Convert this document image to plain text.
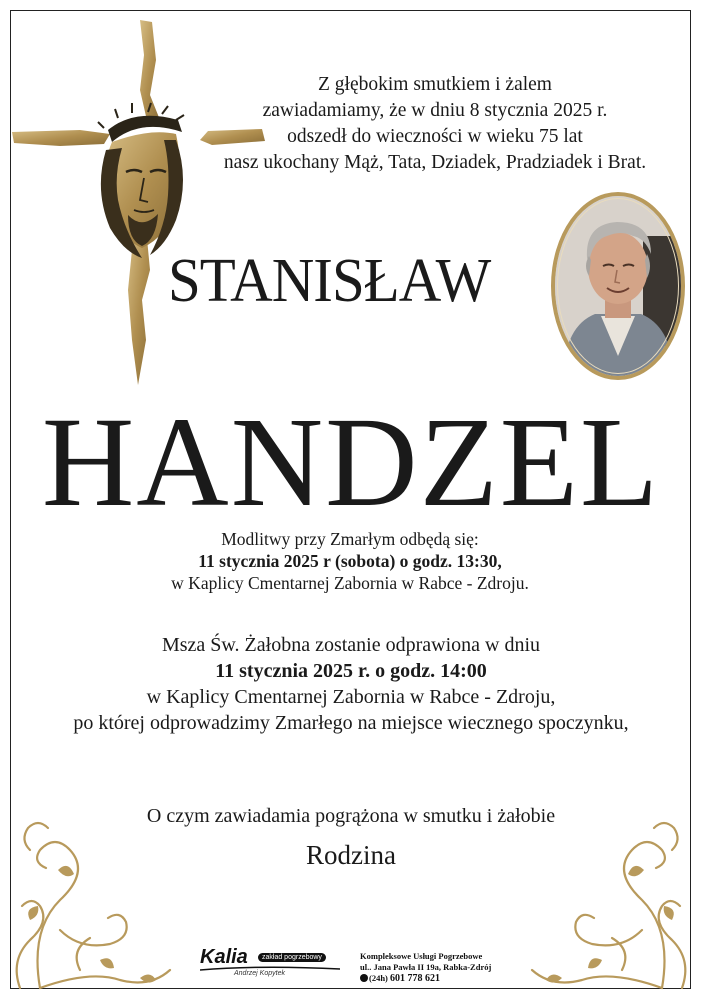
Z głębokim smutkiem i żalem
zawiadamiamy, że w dniu 8 stycznia 2025 r.
odszedł do wieczności w wieku 75 lat
nasz ukochany Mąż, Tata, Dziadek, Pradziadek i Brat.
STANISŁAW
HANDZEL
Modlitwy przy Zmarłym odbędą się:
11 stycznia 2025 r (sobota) o godz. 13:30,
w Kaplicy Cmentarnej Zabornia w Rabce - Zdroju.
Msza Św. Żałobna zostanie odprawiona w dniu
11 stycznia 2025 r. o godz. 14:00
w Kaplicy Cmentarnej Zabornia w Rabce - Zdroju,
po której odprowadzimy Zmarłego na miejsce wiecznego spoczynku,
O czym zawiadamia pogrążona w smutku i żałobie
Rodzina
Kalia	zakład pogrzebowy
Andrzej Kopytek
Kompleksowe Usługi Pogrzebowe
ul.. Jana Pawła II 19a, Rabka-Zdrój
(24h) 601 778 621
